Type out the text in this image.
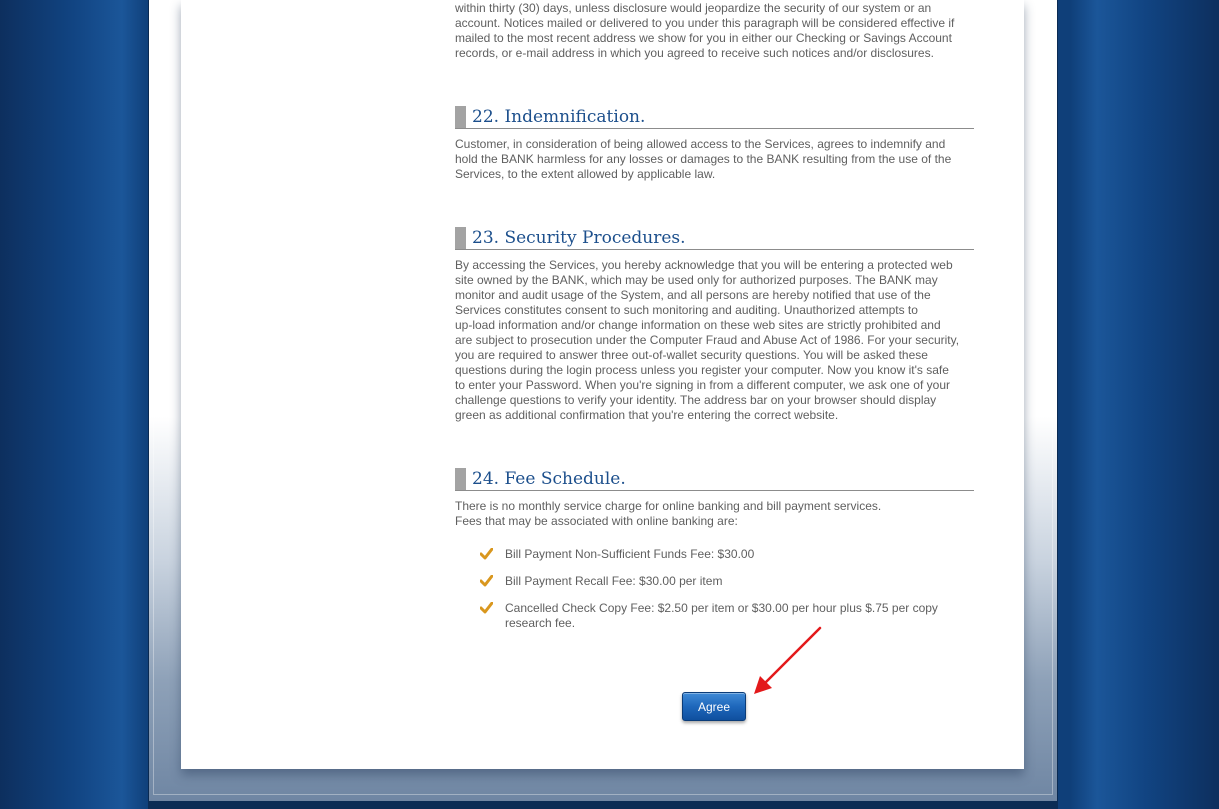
within thirty (30) days, unless disclosure would jeopardize the security of our system or an
account. Notices mailed or delivered to you under this paragraph will be considered effective if
mailed to the most recent address we show for you in either our Checking or Savings Account
records, or e-mail address in which you agreed to receive such notices and/or disclosures.

22. Indemnification.

Customer, in consideration of being allowed access to the Services, agrees to indemnify and
hold the BANK harmless for any losses or damages to the BANK resulting from the use of the
Services, to the extent allowed by applicable law.

23. Security Procedures.

By accessing the Services, you hereby acknowledge that you will be entering a protected web
site owned by the BANK, which may be used only for authorized purposes. The BANK may
monitor and audit usage of the System, and all persons are hereby notified that use of the
Services constitutes consent to such monitoring and auditing. Unauthorized attempts to
up-load information and/or change information on these web sites are strictly prohibited and
are subject to prosecution under the Computer Fraud and Abuse Act of 1986. For your security,
you are required to answer three out-of-wallet security questions. You will be asked these
questions during the login process unless you register your computer. Now you know it's safe
to enter your Password. When you're signing in from a different computer, we ask one of your
challenge questions to verify your identity. The address bar on your browser should display
green as additional confirmation that you're entering the correct website.

24. Fee Schedule.

There is no monthly service charge for online banking and bill payment services.
Fees that may be associated with online banking are:

Bill Payment Non-Sufficient Funds Fee: $30.00
Bill Payment Recall Fee: $30.00 per item
Cancelled Check Copy Fee: $2.50 per item or $30.00 per hour plus $.75 per copy
research fee.
Agree
